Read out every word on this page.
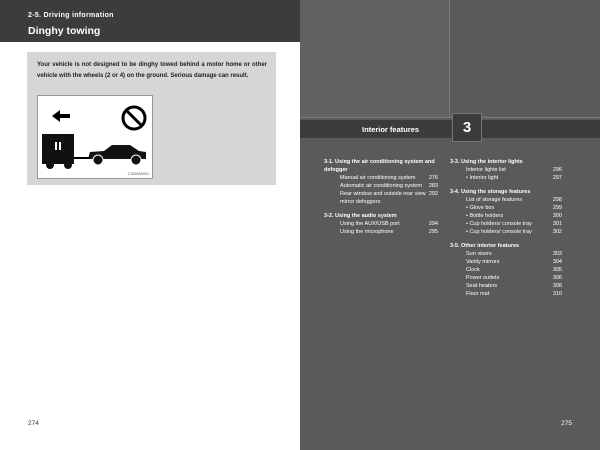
2-5. Driving information
Dinghy towing
Your vehicle is not designed to be dinghy towed behind a motor home or other vehicle with the wheels (2 or 4) on the ground. Serious damage can result.
CTA35AN001
274
Interior features	3
3-1. Using the air conditioning system and defogger
276
Manual air conditioning system
283
Automatic air conditioning system
292
Rear window and outside rear view mirror defoggers
3-2. Using the audio system
294
Using the AUX/USB port
295
Using the microphone
3-3. Using the interior lights
296
Interior lights list
297
• Interior light
3-4. Using the storage features
298
List of storage features
299
• Glove box
300
• Bottle holders
301
• Cup holders/ console tray
302
• Cup holders/ console tray
3-5. Other interior features
303
Sun visors
304
Vanity mirrors
305
Clock
306
Power outlets
308
Seat heaters
310
Floor mat
275
